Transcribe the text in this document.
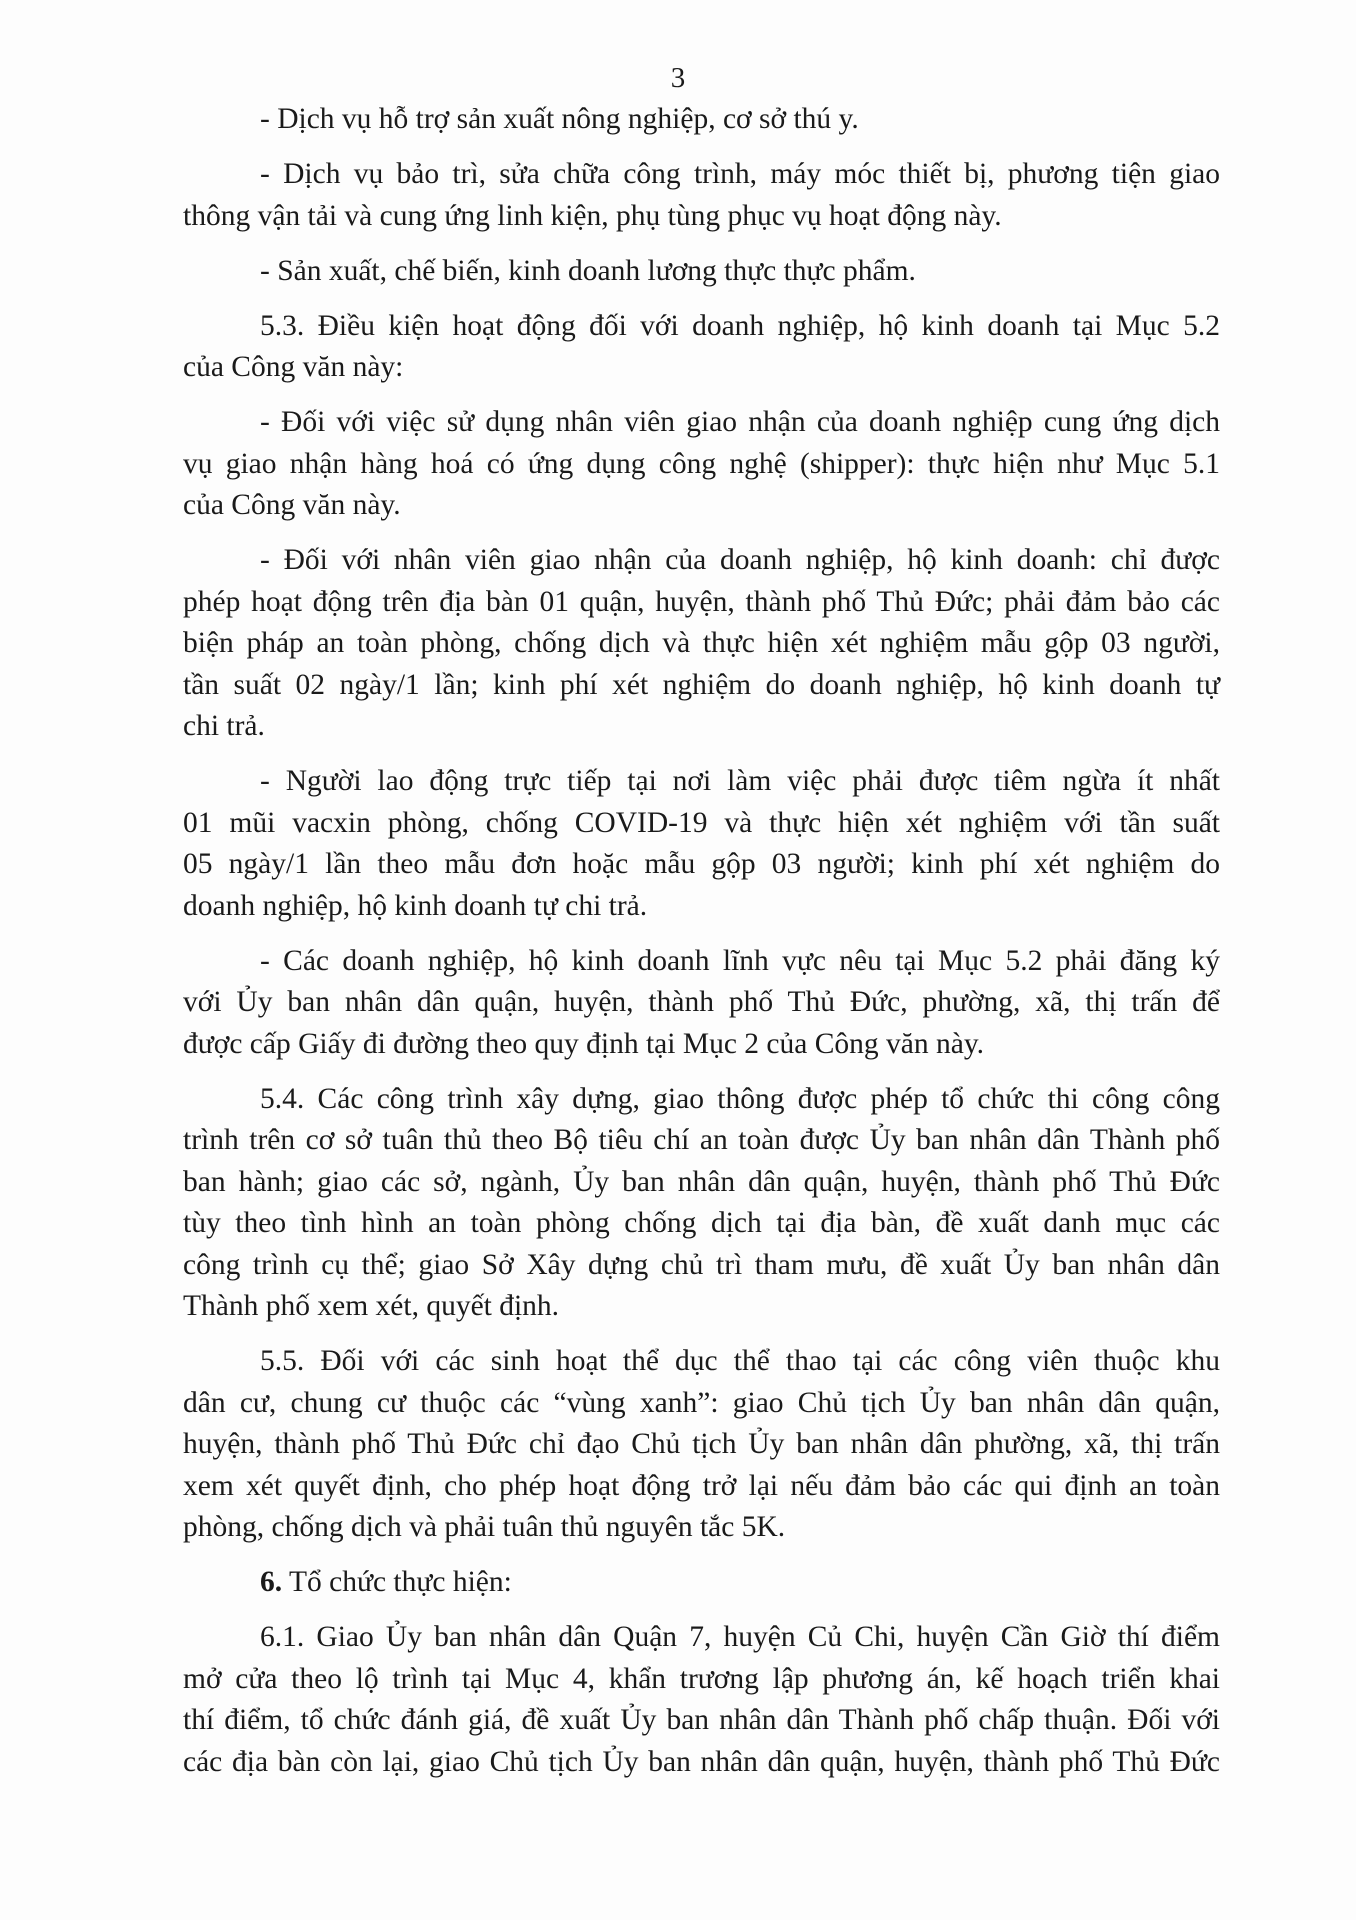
3
- Dịch vụ hỗ trợ sản xuất nông nghiệp, cơ sở thú y.
- Dịch vụ bảo trì, sửa chữa công trình, máy móc thiết bị, phương tiện giao
thông vận tải và cung ứng linh kiện, phụ tùng phục vụ hoạt động này.
- Sản xuất, chế biến, kinh doanh lương thực thực phẩm.
5.3. Điều kiện hoạt động đối với doanh nghiệp, hộ kinh doanh tại Mục 5.2
của Công văn này:
- Đối với việc sử dụng nhân viên giao nhận của doanh nghiệp cung ứng dịch
vụ giao nhận hàng hoá có ứng dụng công nghệ (shipper): thực hiện như Mục 5.1
của Công văn này.
- Đối với nhân viên giao nhận của doanh nghiệp, hộ kinh doanh: chỉ được
phép hoạt động trên địa bàn 01 quận, huyện, thành phố Thủ Đức; phải đảm bảo các
biện pháp an toàn phòng, chống dịch và thực hiện xét nghiệm mẫu gộp 03 người,
tần suất 02 ngày/1 lần; kinh phí xét nghiệm do doanh nghiệp, hộ kinh doanh tự
chi trả.
- Người lao động trực tiếp tại nơi làm việc phải được tiêm ngừa ít nhất
01 mũi vacxin phòng, chống COVID-19 và thực hiện xét nghiệm với tần suất
05 ngày/1 lần theo mẫu đơn hoặc mẫu gộp 03 người; kinh phí xét nghiệm do
doanh nghiệp, hộ kinh doanh tự chi trả.
- Các doanh nghiệp, hộ kinh doanh lĩnh vực nêu tại Mục 5.2 phải đăng ký
với Ủy ban nhân dân quận, huyện, thành phố Thủ Đức, phường, xã, thị trấn để
được cấp Giấy đi đường theo quy định tại Mục 2 của Công văn này.
5.4. Các công trình xây dựng, giao thông được phép tổ chức thi công công
trình trên cơ sở tuân thủ theo Bộ tiêu chí an toàn được Ủy ban nhân dân Thành phố
ban hành; giao các sở, ngành, Ủy ban nhân dân quận, huyện, thành phố Thủ Đức
tùy theo tình hình an toàn phòng chống dịch tại địa bàn, đề xuất danh mục các
công trình cụ thể; giao Sở Xây dựng chủ trì tham mưu, đề xuất Ủy ban nhân dân
Thành phố xem xét, quyết định.
5.5. Đối với các sinh hoạt thể dục thể thao tại các công viên thuộc khu
dân cư, chung cư thuộc các “vùng xanh”: giao Chủ tịch Ủy ban nhân dân quận,
huyện, thành phố Thủ Đức chỉ đạo Chủ tịch Ủy ban nhân dân phường, xã, thị trấn
xem xét quyết định, cho phép hoạt động trở lại nếu đảm bảo các qui định an toàn
phòng, chống dịch và phải tuân thủ nguyên tắc 5K.
6. Tổ chức thực hiện:
6.1. Giao Ủy ban nhân dân Quận 7, huyện Củ Chi, huyện Cần Giờ thí điểm
mở cửa theo lộ trình tại Mục 4, khẩn trương lập phương án, kế hoạch triển khai
thí điểm, tổ chức đánh giá, đề xuất Ủy ban nhân dân Thành phố chấp thuận. Đối với
các địa bàn còn lại, giao Chủ tịch Ủy ban nhân dân quận, huyện, thành phố Thủ Đức
